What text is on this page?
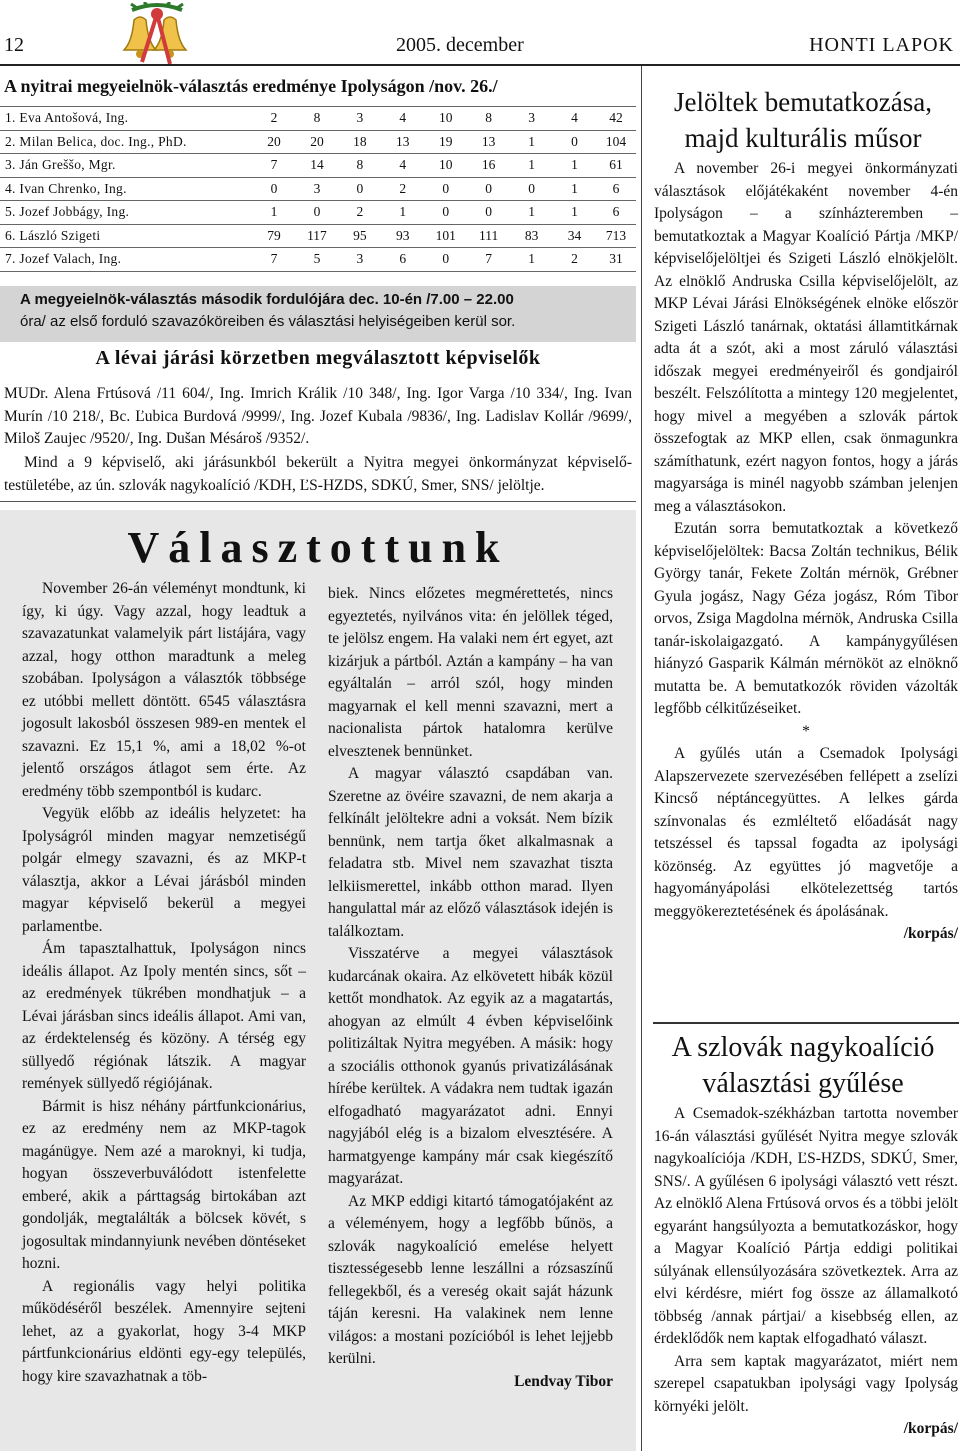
12	2005. december	HONTI LAPOK
A nyitrai megyeielnök-választás eredménye Ipolyságon /nov. 26./
1. Eva Antošová, Ing.	2	8	3	4	10	8	3	4	42
2. Milan Belica, doc. Ing., PhD.	20	20	18	13	19	13	1	0	104
3. Ján Greššo, Mgr.	7	14	8	4	10	16	1	1	61
4. Ivan Chrenko, Ing.	0	3	0	2	0	0	0	1	6
5. Jozef Jobbágy, Ing.	1	0	2	1	0	0	1	1	6
6. László Szigeti	79	117	95	93	101	111	83	34	713
7. Jozef Valach, Ing.	7	5	3	6	0	7	1	2	31
A megyeielnök-választás második fordulójára dec. 10-én /7.00 – 22.00
óra/ az első forduló szavazóköreiben és választási helyiségeiben kerül sor.
A lévai járási körzetben megválasztott képviselők
MUDr. Alena Frtúsová /11 604/, Ing. Imrich Králik /10 348/, Ing. Igor Varga /10 334/, Ing. Ivan Murín /10 218/, Bc. Ľubica Burdová /9999/, Ing. Jozef Kubala /9836/, Ing. Ladislav Kollár /9699/, Miloš Zaujec /9520/, Ing. Dušan Mésároš /9352/.
Mind a 9 képviselő, aki járásunkból bekerült a Nyitra megyei önkormányzat képviselő-testületébe, az ún. szlovák nagykoalíció /KDH, ĽS-HZDS, SDKÚ, Smer, SNS/ jelöltje.
Választottunk

November 26-án véleményt mondtunk, ki így, ki úgy. Vagy azzal, hogy leadtuk a szavazatunkat valamelyik párt listájára, vagy azzal, hogy otthon maradtunk a meleg szobában. Ipolyságon a választók többsége ez utóbbi mellett döntött. 6545 választásra jogosult lakosból összesen 989-en mentek el szavazni. Ez 15,1 %, ami a 18,02 %-ot jelentő országos átlagot sem érte. Az eredmény több szempontból is kudarc.

Vegyük előbb az ideális helyzetet: ha Ipolyságról minden magyar nemzetiségű polgár elmegy szavazni, és az MKP-t választja, akkor a Lévai járásból minden magyar képviselő bekerül a megyei parlamentbe.

Ám tapasztalhattuk, Ipolyságon nincs ideális állapot. Az Ipoly mentén sincs, sőt – az eredmények tükrében mondhatjuk – a Lévai járásban sincs ideális állapot. Ami van, az érdektelenség és közöny. A térség egy süllyedő régiónak látszik. A magyar remények süllyedő régiójának.

Bármit is hisz néhány pártfunkcionárius, ez az eredmény nem az MKP-tagok magánügye. Nem azé a maroknyi, ki tudja, hogyan összeverbuválódott istenfelette emberé, akik a párttagság birtokában azt gondolják, megtalálták a bölcsek kövét, s jogosultak mindannyiunk nevében döntéseket hozni.

A regionális vagy helyi politika működéséről beszélek. Amennyire sejteni lehet, az a gyakorlat, hogy 3-4 MKP pártfunkcionárius eldönti egy-egy település, hogy kire szavazhatnak a töb-

biek. Nincs előzetes megmérettetés, nincs egyeztetés, nyilvános vita: én jelöllek téged, te jelölsz engem. Ha valaki nem ért egyet, azt kizárjuk a pártból. Aztán a kampány – ha van egyáltalán – arról szól, hogy minden magyarnak el kell menni szavazni, mert a nacionalista pártok hatalomra kerülve elvesztenek bennünket.

A magyar választó csapdában van. Szeretne az övéire szavazni, de nem akarja a felkínált jelöltekre adni a voksát. Nem bízik bennünk, nem tartja őket alkalmasnak a feladatra stb. Mivel nem szavazhat tiszta lelkiismerettel, inkább otthon marad. Ilyen hangulattal már az előző választások idején is találkoztam.

Visszatérve a megyei választások kudarcának okaira. Az elkövetett hibák közül kettőt mondhatok. Az egyik az a magatartás, ahogyan az elmúlt 4 évben képviselőink politizáltak Nyitra megyében. A másik: hogy a szociális otthonok gyanús privatizálásának hírébe kerültek. A vádakra nem tudtak igazán elfogadható magyarázatot adni. Ennyi nagyjából elég is a bizalom elvesztésére. A harmatgyenge kampány már csak kiegészítő magyarázat.

Az MKP eddigi kitartó támogatójaként az a véleményem, hogy a legfőbb bűnös, a szlovák nagykoalíció emelése helyett tisztességesebb lenne leszállni a rózsaszínű fellegekből, és a vereség okait saját házunk táján keresni. Ha valakinek nem lenne világos: a mostani pozícióból is lehet lejjebb kerülni.

Lendvay Tibor
Jelöltek bemutatkozása, majd kulturális műsor

A november 26-i megyei önkormányzati választások előjátékaként november 4-én Ipolyságon – a színházteremben – bemutatkoztak a Magyar Koalíció Pártja /MKP/ képviselőjelöltjei és Szigeti László elnökjelölt. Az elnöklő Andruska Csilla képviselőjelölt, az MKP Lévai Járási Elnökségének elnöke először Szigeti László tanárnak, oktatási államtitkárnak adta át a szót, aki a most záruló választási időszak megyei eredményeiről és gondjairól beszélt. Felszólította a mintegy 120 megjelentet, hogy mivel a megyében a szlovák pártok összefogtak az MKP ellen, csak önmagunkra számíthatunk, ezért nagyon fontos, hogy a járás magyarsága is minél nagyobb számban jelenjen meg a választásokon.

Ezután sorra bemutatkoztak a következő képviselőjelöltek: Bacsa Zoltán technikus, Bélik György tanár, Fekete Zoltán mérnök, Grébner Gyula jogász, Nagy Géza jogász, Róm Tibor orvos, Zsiga Magdolna mérnök, Andruska Csilla tanár-iskolaigazgató. A kampánygyűlésen hiányzó Gasparik Kálmán mérnököt az elnöknő mutatta be. A bemutatkozók röviden vázolták legfőbb célkitűzéseiket.

*

A gyűlés után a Csemadok Ipolysági Alapszervezete szervezésében fellépett a zselízi Kincső néptáncegyüttes. A lelkes gárda színvonalas és ezmléltető előadását nagy tetszéssel és tapssal fogadta az ipolysági közönség. Az együttes jó magvetője a hagyományápolási elkötelezettség tartós meggyökereztetésének és ápolásának.

/korpás/
A szlovák nagykoalíció választási gyűlése

A Csemadok-székházban tartotta november 16-án választási gyűlését Nyitra megye szlovák nagykoalíciója /KDH, ĽS-HZDS, SDKÚ, Smer, SNS/. A gyűlésen 6 ipolysági választó vett részt. Az elnöklő Alena Frtúsová orvos és a többi jelölt egyaránt hangsúlyozta a bemutatkozáskor, hogy a Magyar Koalíció Pártja eddigi politikai súlyának ellensúlyozására szövetkeztek. Arra az elvi kérdésre, miért fog össze az államalkotó többség /annak pártjai/ a kisebbség ellen, az érdeklődők nem kaptak elfogadható választ.

Arra sem kaptak magyarázatot, miért nem szerepel csapatukban ipolysági vagy Ipolyság környéki jelölt.

/korpás/
